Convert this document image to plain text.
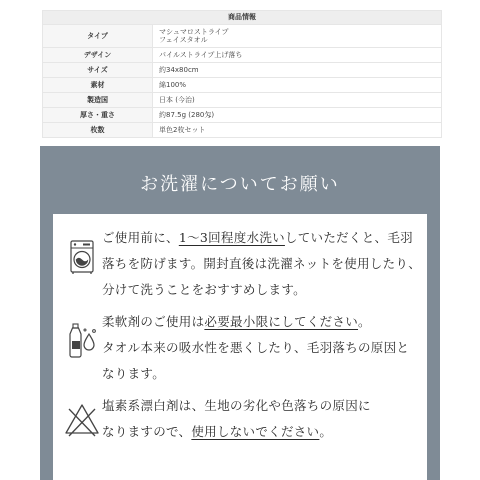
商品情報	
タイプ	マシュマロストライプ
フェイスタオル

デザイン	パイルストライプ上げ落ち
サイズ	約34x80cm
素材	綿100%
製造国	日本 (今治)
厚さ・重さ	約87.5g (280匁)
枚数	単色2枚セット
お洗濯についてお願い
ご使用前に、1〜3回程度水洗いしていただくと、毛羽
落ちを防げます。開封直後は洗濯ネットを使用したり、
分けて洗うことをおすすめします。
柔軟剤のご使用は必要最小限にしてください。
タオル本来の吸水性を悪くしたり、毛羽落ちの原因と
なります。
塩素系漂白剤は、生地の劣化や色落ちの原因に
なりますので、使用しないでください。
